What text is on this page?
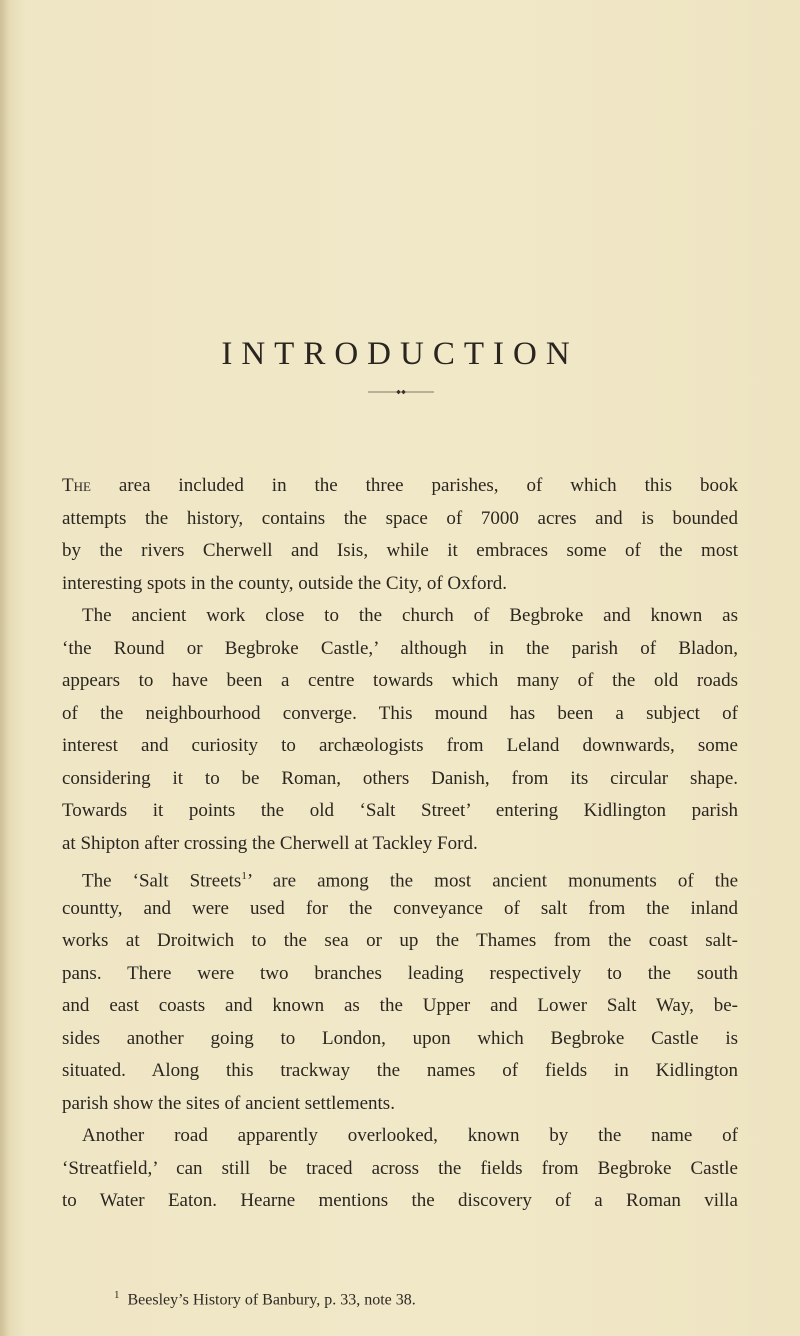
INTRODUCTION
The area included in the three parishes, of which this book
attempts the history, contains the space of 7000 acres and is bounded
by the rivers Cherwell and Isis, while it embraces some of the most
interesting spots in the county, outside the City, of Oxford.
The ancient work close to the church of Begbroke and known as
‘the Round or Begbroke Castle,’ although in the parish of Bladon,
appears to have been a centre towards which many of the old roads
of the neighbourhood converge. This mound has been a subject of
interest and curiosity to archæologists from Leland downwards, some
considering it to be Roman, others Danish, from its circular shape.
Towards it points the old ‘Salt Street’ entering Kidlington parish
at Shipton after crossing the Cherwell at Tackley Ford.
The ‘Salt Streets$^1$’ are among the most ancient monuments of the
countty, and were used for the conveyance of salt from the inland
works at Droitwich to the sea or up the Thames from the coast salt-
pans. There were two branches leading respectively to the south
and east coasts and known as the Upper and Lower Salt Way, be-
sides another going to London, upon which Begbroke Castle is
situated. Along this trackway the names of fields in Kidlington
parish show the sites of ancient settlements.
Another road apparently overlooked, known by the name of
‘Streatfield,’ can still be traced across the fields from Begbroke Castle
to Water Eaton. Hearne mentions the discovery of a Roman villa
$^1$ Beesley’s History of Banbury, p. 33, note 38.
